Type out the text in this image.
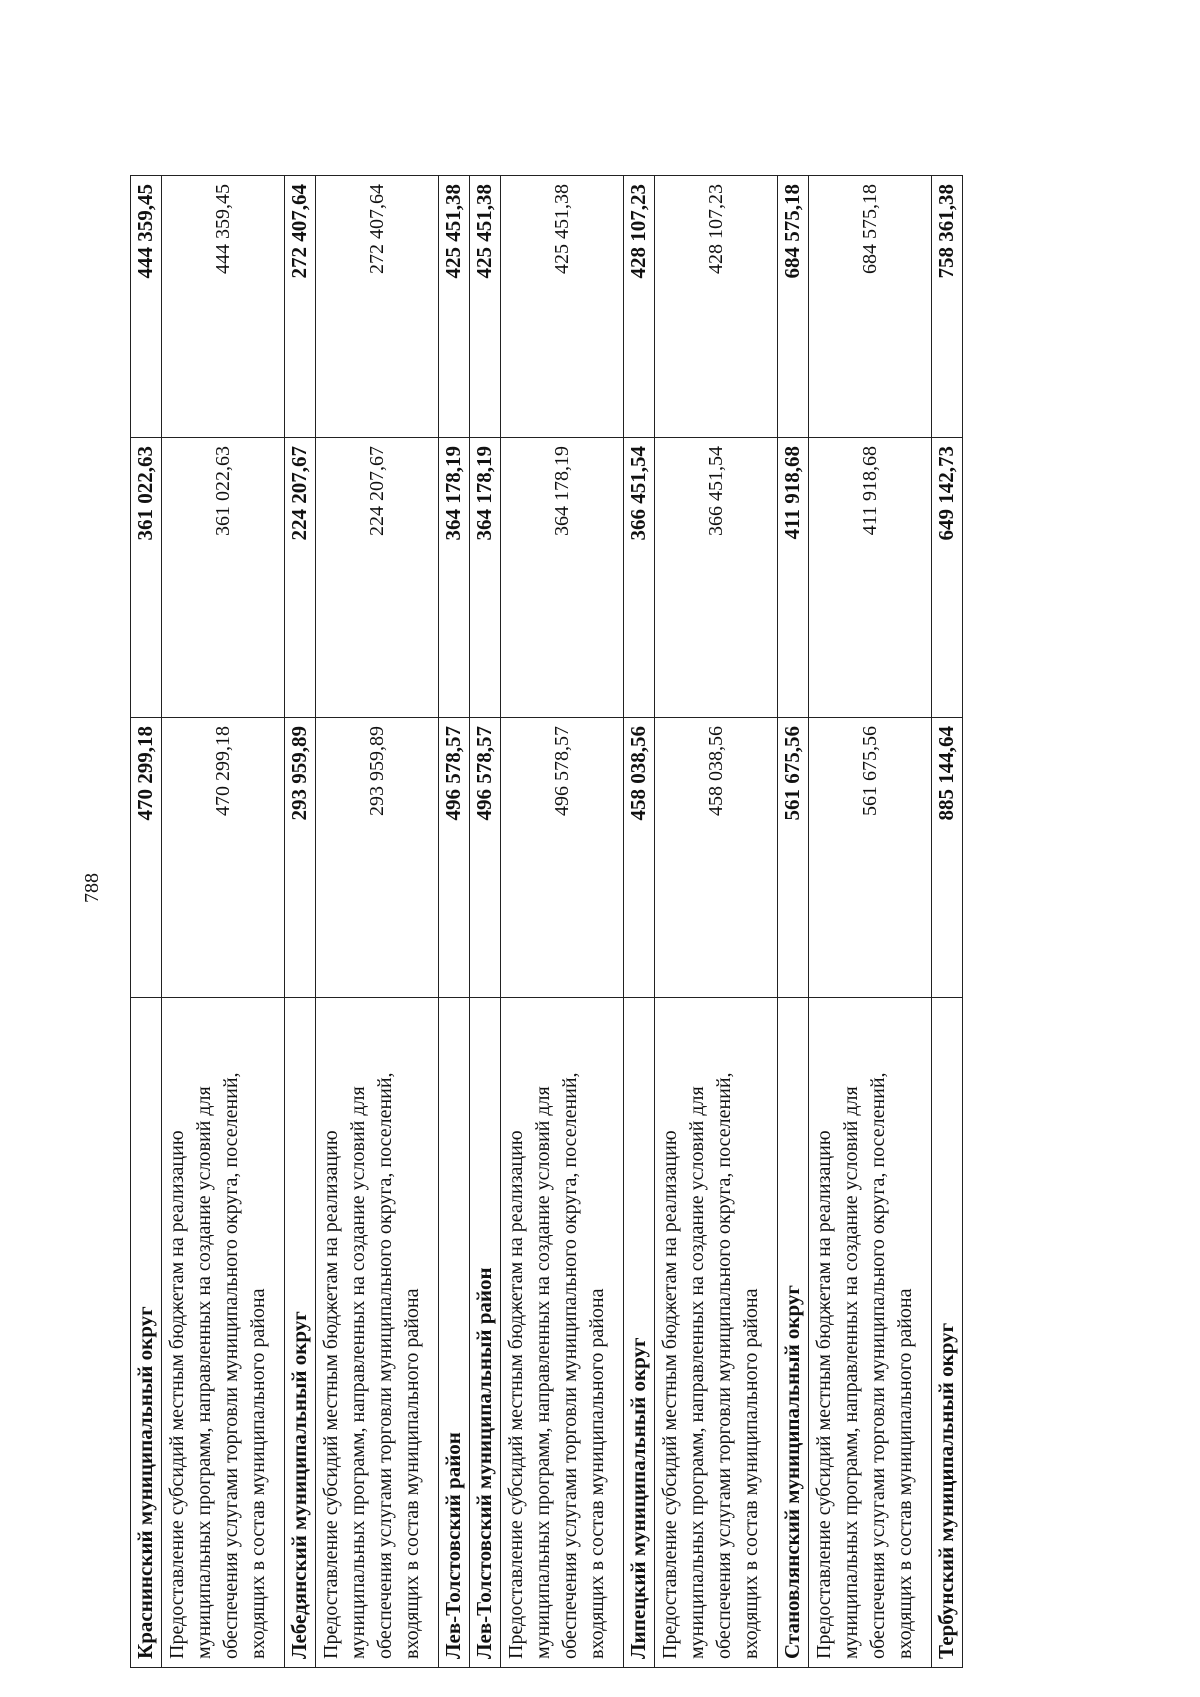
788
Краснинский муниципальный округ	470 299,18	361 022,63	444 359,45
Предоставление субсидий местным бюджетам на реализацию муниципальных программ, направленных на создание условий для обеспечения услугами торговли муниципального округа, поселений, входящих в состав муниципального района	470 299,18	361 022,63	444 359,45
Лебедянский муниципальный округ	293 959,89	224 207,67	272 407,64
Предоставление субсидий местным бюджетам на реализацию муниципальных программ, направленных на создание условий для обеспечения услугами торговли муниципального округа, поселений, входящих в состав муниципального района	293 959,89	224 207,67	272 407,64
Лев-Толстовский район	496 578,57	364 178,19	425 451,38
Лев-Толстовский муниципальный район	496 578,57	364 178,19	425 451,38
Предоставление субсидий местным бюджетам на реализацию муниципальных программ, направленных на создание условий для обеспечения услугами торговли муниципального округа, поселений, входящих в состав муниципального района	496 578,57	364 178,19	425 451,38
Липецкий муниципальный округ	458 038,56	366 451,54	428 107,23
Предоставление субсидий местным бюджетам на реализацию муниципальных программ, направленных на создание условий для обеспечения услугами торговли муниципального округа, поселений, входящих в состав муниципального района	458 038,56	366 451,54	428 107,23
Становлянский муниципальный округ	561 675,56	411 918,68	684 575,18
Предоставление субсидий местным бюджетам на реализацию муниципальных программ, направленных на создание условий для обеспечения услугами торговли муниципального округа, поселений, входящих в состав муниципального района	561 675,56	411 918,68	684 575,18
Тербунский муниципальный округ	885 144,64	649 142,73	758 361,38
